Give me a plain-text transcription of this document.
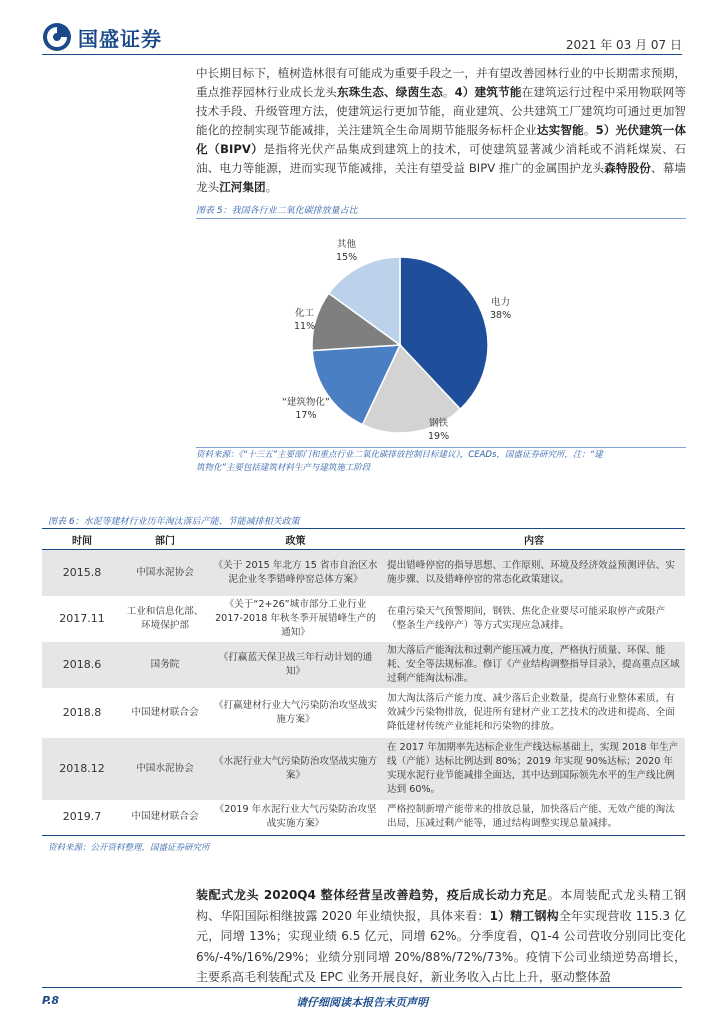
国盛证券	2021 年 03 月 07 日
中长期目标下，植树造林很有可能成为重要手段之一，并有望改善园林行业的中长期需求预期，重点推荐园林行业成长龙头东珠生态、绿茵生态。4）建筑节能在建筑运行过程中采用物联网等技术手段、升级管理方法，使建筑运行更加节能，商业建筑、公共建筑工厂建筑均可通过更加智能化的控制实现节能减排，关注建筑全生命周期节能服务标杆企业达实智能。5）光伏建筑一体化（BIPV）是指将光伏产品集成到建筑上的技术，可使建筑显著减少消耗或不消耗煤炭、石油、电力等能源，进而实现节能减排，关注有望受益 BIPV 推广的金属围护龙头森特股份、幕墙龙头江河集团。
图表 5：我国各行业二氧化碳排放量占比
电力
38%
钢铁
19%
“建筑物化”
17%
化工
11%
其他
15%
资料来源：《“十三五”主要部门和重点行业二氧化碳排放控制目标建议》，CEADs，国盛证券研究所，注：“建
筑物化”主要包括建筑材料生产与建筑施工阶段
图表 6：水泥等建材行业历年淘汰落后产能、节能减排相关政策
时间	部门	政策	内容
2015.8	中国水泥协会	《关于 2015 年北方 15 省市自治区水泥企业冬季错峰停窑总体方案》	提出错峰停窑的指导思想、工作原则、环境及经济效益预测评估、实施步骤、以及错峰停窑的常态化政策建议。
2017.11	工业和信息化部、环境保护部	《关于“2+26”城市部分工业行业 2017-2018 年秋冬季开展错峰生产的通知》	在重污染天气预警期间，钢铁、焦化企业要尽可能采取停产或限产（整条生产线停产）等方式实现应急减排。
2018.6	国务院	《打赢蓝天保卫战三年行动计划的通知》	加大落后产能淘汰和过剩产能压减力度，严格执行质量、环保、能耗、安全等法规标准。修订《产业结构调整指导目录》，提高重点区域过剩产能淘汰标准。
2018.8	中国建材联合会	《打赢建材行业大气污染防治攻坚战实施方案》	加大淘汰落后产能力度、减少落后企业数量，提高行业整体素质，有效减少污染物排放，促进所有建材产业工艺技术的改进和提高、全面降低建材传统产业能耗和污染物的排放。
2018.12	中国水泥协会	《水泥行业大气污染防治攻坚战实施方案》	在 2017 年加期率先达标企业生产线达标基础上，实现 2018 年生产线（产能）达标比例达到 80%；2019 年实现 90%达标；2020 年实现水泥行业节能减排全面达，其中达到国际领先水平的生产线比例达到 60%。
2019.7	中国建材联合会	《2019 年水泥行业大气污染防治攻坚战实施方案》	严格控制新增产能带来的排放总量，加快落后产能、无效产能的淘汰出局，压减过剩产能等，通过结构调整实现总量减排。
资料来源：公开资料整理，国盛证券研究所
装配式龙头 2020Q4 整体经营呈改善趋势，疫后成长动力充足。本周装配式龙头精工钢构、华阳国际相继披露 2020 年业绩快报，具体来看：1）精工钢构全年实现营收 115.3 亿元，同增 13%；实现业绩 6.5 亿元，同增 62%。分季度看，Q1-4 公司营收分别同比变化 6%/-4%/16%/29%；业绩分别同增 20%/88%/72%/73%。疫情下公司业绩逆势高增长，主要系高毛利装配式及 EPC 业务开展良好，新业务收入占比上升，驱动整体盈
请仔细阅读本报告末页声明
P.8
